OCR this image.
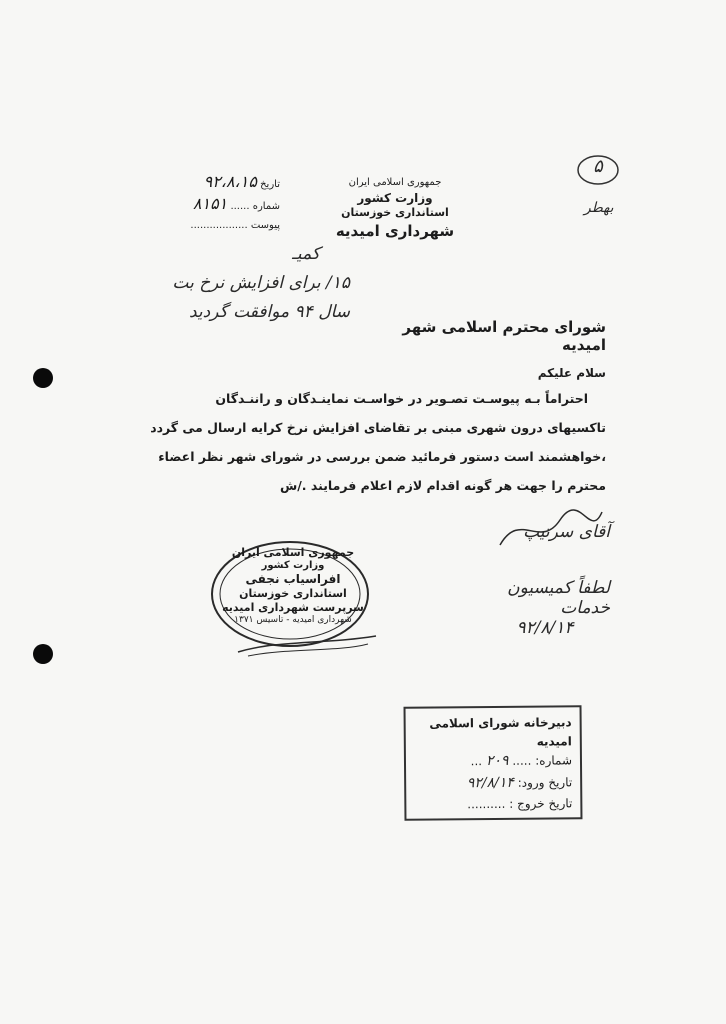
۵
بهطر
جمهوری اسلامی ایران
وزارت کشور
استانداری خوزستان
شهرداری امیدیه
تاریخ ۹۲،۸،۱۵
شماره ...... ۸۱۵۱
پیوست ..................
کمیـ
۱۵/ برای افزایش نرخ بت
سال ۹۴ موافقت گردید
شورای محترم اسلامی شهر امیدیه
سلام علیکم
احتراماً بـه پیوسـت تصـویر در خواسـت نماینـدگان و راننـدگان
تاکسیهای درون شهری مبنی بر تقاضای افزایش نرخ کرایه ارسال می گردد
،خواهشمند است دستور فرمائید ضمن بررسی در شورای شهر نظر اعضاء
محترم را جهت هر گونه اقدام لازم اعلام فرمایند ./ش
آقای سرتیپ
لطفاً کمیسیون خدمات
۹۲/۸/۱۴
جمهوری اسلامی ایران
وزارت کشور
افراسیاب نجفی
استانداری خوزستان
سرپرست شهرداری امیدیه
شهرداری امیدیه - تاسیس ۱۳۷۱
دبیرخانه شورای اسلامی امیدیه
شماره: ..... ۲۰۹ ...
تاریخ ورود: ۹۲/۸/۱۴
تاریخ خروج : ..........
